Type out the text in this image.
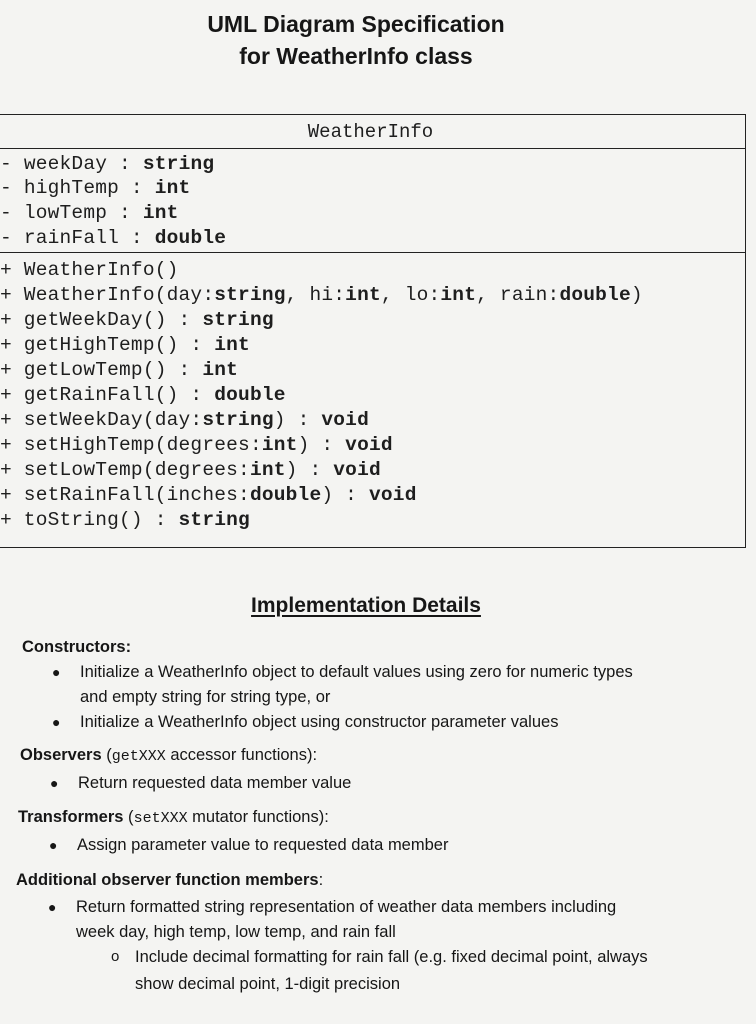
UML Diagram Specification
for WeatherInfo class
WeatherInfo
- weekDay : string
- highTemp : int
- lowTemp : int
- rainFall : double
+ WeatherInfo()
+ WeatherInfo(day:string, hi:int, lo:int, rain:double)
+ getWeekDay() : string
+ getHighTemp() : int
+ getLowTemp() : int
+ getRainFall() : double
+ setWeekDay(day:string) : void
+ setHighTemp(degrees:int) : void
+ setLowTemp(degrees:int) : void
+ setRainFall(inches:double) : void
+ toString() : string
Implementation Details
Constructors:
● Initialize a WeatherInfo object to default values using zero for numeric types
and empty string for string type, or
● Initialize a WeatherInfo object using constructor parameter values
Observers (getXXX accessor functions):
● Return requested data member value
Transformers (setXXX mutator functions):
● Assign parameter value to requested data member
Additional observer function members:
● Return formatted string representation of weather data members including
week day, high temp, low temp, and rain fall
o Include decimal formatting for rain fall (e.g. fixed decimal point, always
show decimal point, 1-digit precision
